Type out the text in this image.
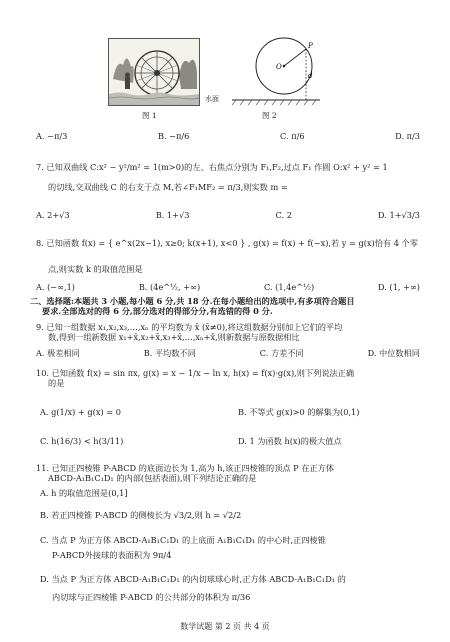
图 1
O
P
d
水面
图 2
A. −π/3	B. −π/6	C. π/6	D. π/3
7. 已知双曲线 C:x² − y²/m² = 1(m>0)的左、右焦点分别为 F₁,F₂,过点 F₁ 作圆 O:x² + y² = 1
的切线,交双曲线 C 的右支于点 M,若∠F₁MF₂ = π/3,则实数 m =
A. 2+√3	B. 1+√3	C. 2	D. 1+√3/3
8. 已知函数 f(x) = { e^x(2x−1), x≥0; k(x+1), x<0 } , g(x) = f(x) + f(−x),若 y = g(x)恰有 4 个零
点,则实数 k 的取值范围是
A. (−∞,1)	B. (4e^½, +∞)	C. (1,4e^½)	D. (1, +∞)
二、选择题:本题共 3 小题,每小题 6 分,共 18 分.在每小题给出的选项中,有多项符合题目
要求.全部选对的得 6 分,部分选对的得部分分,有选错的得 0 分.
9. 已知一组数据 x₁,x₂,x₃,…,xₙ 的平均数为 x̄ (x̄≠0),将这组数据分别加上它们的平均
数,得到一组新数据 x₁+x̄,x₂+x̄,x₃+x̄,…,xₙ+x̄,则新数据与原数据相比
A. 极差相同	B. 平均数不同	C. 方差不同	D. 中位数相同
10. 已知函数 f(x) = sin πx, g(x) = x − 1/x − ln x, h(x) = f(x)·g(x),则下列说法正确
的是
A. g(1/x) + g(x) = 0	B. 不等式 g(x)>0 的解集为(0,1)
C. h(16/3) < h(3/11)	D. 1 为函数 h(x)的极大值点
11. 已知正四棱锥 P-ABCD 的底面边长为 1,高为 h,该正四棱锥的顶点 P 在正方体
ABCD-A₁B₁C₁D₁ 的内部(包括表面),则下列结论正确的是
A. h 的取值范围是(0,1]
B. 若正四棱锥 P-ABCD 的侧棱长为 √3/2,则 h = √2/2
C. 当点 P 为正方体 ABCD-A₁B₁C₁D₁ 的上底面 A₁B₁C₁D₁ 的中心时,正四棱锥
P-ABCD外接球的表面积为 9π/4
D. 当点 P 为正方体 ABCD-A₁B₁C₁D₁ 的内切球球心时,正方体 ABCD-A₁B₁C₁D₁ 的
内切球与正四棱锥 P-ABCD 的公共部分的体积为 π/36
数学试题 第 2 页 共 4 页
